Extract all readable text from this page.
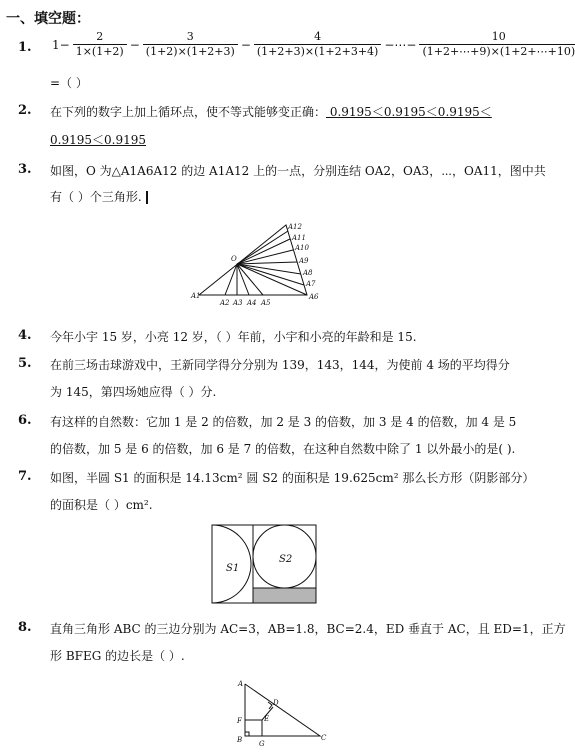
一、填空题：
1. $1- \frac{2}{1\times(1+2)} - \frac{3}{(1+2)\times(1+2+3)} - \frac{4}{(1+2+3)\times(1+2+3+4)}$ −⋯− $\frac{10}{(1+2+\cdots+9)\times(1+2+\cdots+10)}$
=（ ）
2. 在下列的数字上加上循环点，使不等式能够变正确： 0.9195＜0.9195＜0.9195＜
0.9195＜0.9195
3. 如图，O 为△A1A6A12 的边 A1A12 上的一点，分别连结 OA2，OA3，⋯，OA11，图中共
有（ ）个三角形.
O
A1
A2 A3 A4 A5
A6
A7
A8
A9
A10
A11
A12
4. 今年小宇 15 岁，小亮 12 岁，（ ）年前，小宇和小亮的年龄和是 15.
5. 在前三场击球游戏中，王新同学得分分别为 139，143，144，为使前 4 场的平均得分
为 145，第四场她应得（ ）分.
6. 有这样的自然数：它加 1 是 2 的倍数，加 2 是 3 的倍数，加 3 是 4 的倍数，加 4 是 5
的倍数，加 5 是 6 的倍数，加 6 是 7 的倍数，在这种自然数中除了 1 以外最小的是( ).
7. 如图，半圆 S1 的面积是 14.13cm² 圆 S2 的面积是 19.625cm² 那么长方形（阴影部分）
的面积是（ ）cm².
S1
S2
8. 直角三角形 ABC 的三边分别为 AC=3，AB=1.8，BC=2.4，ED 垂直于 AC，且 ED=1，正方
形 BFEG 的边长是（ ）.
A
B	C
D
E
F
G
